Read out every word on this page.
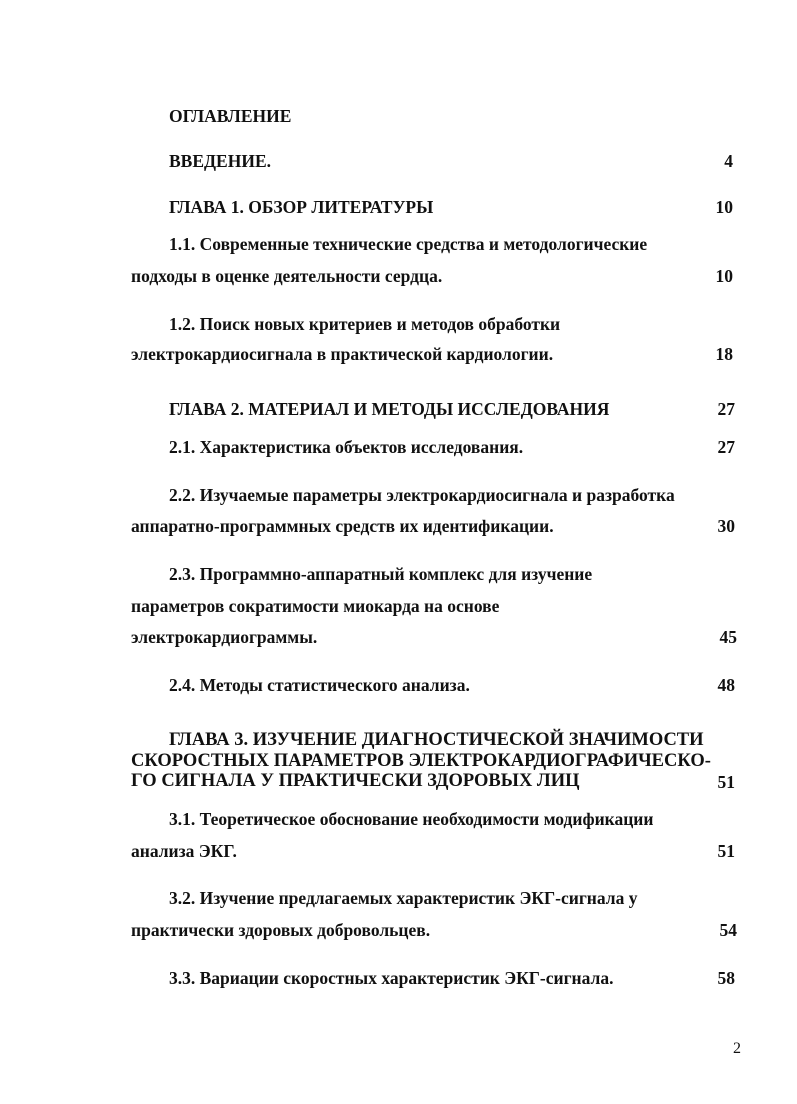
ОГЛАВЛЕНИЕ
ВВЕДЕНИЕ.	4
ГЛАВА 1. ОБЗОР ЛИТЕРАТУРЫ	10
1.1. Современные технические средства и методологические
подходы в оценке деятельности сердца.	10
1.2. Поиск новых критериев и методов обработки
электрокардиосигнала в практической кардиологии.	18
ГЛАВА 2. МАТЕРИАЛ И МЕТОДЫ ИССЛЕДОВАНИЯ	27
2.1. Характеристика объектов исследования.	27
2.2. Изучаемые параметры электрокардиосигнала и разработка
аппаратно-программных средств их идентификации.	30
2.3. Программно-аппаратный комплекс для изучение
параметров сократимости миокарда на основе
электрокардиограммы.	45
2.4. Методы статистического анализа.	48
ГЛАВА 3. ИЗУЧЕНИЕ ДИАГНОСТИЧЕСКОЙ ЗНАЧИМОСТИ
СКОРОСТНЫХ ПАРАМЕТРОВ ЭЛЕКТРОКАРДИОГРАФИЧЕСКО-
ГО СИГНАЛА У ПРАКТИЧЕСКИ ЗДОРОВЫХ ЛИЦ	51
3.1. Теоретическое обоснование необходимости модификации
анализа ЭКГ.	51
3.2. Изучение предлагаемых характеристик ЭКГ-сигнала у
практически здоровых добровольцев.	54
3.3. Вариации скоростных характеристик ЭКГ-сигнала.	58
2
